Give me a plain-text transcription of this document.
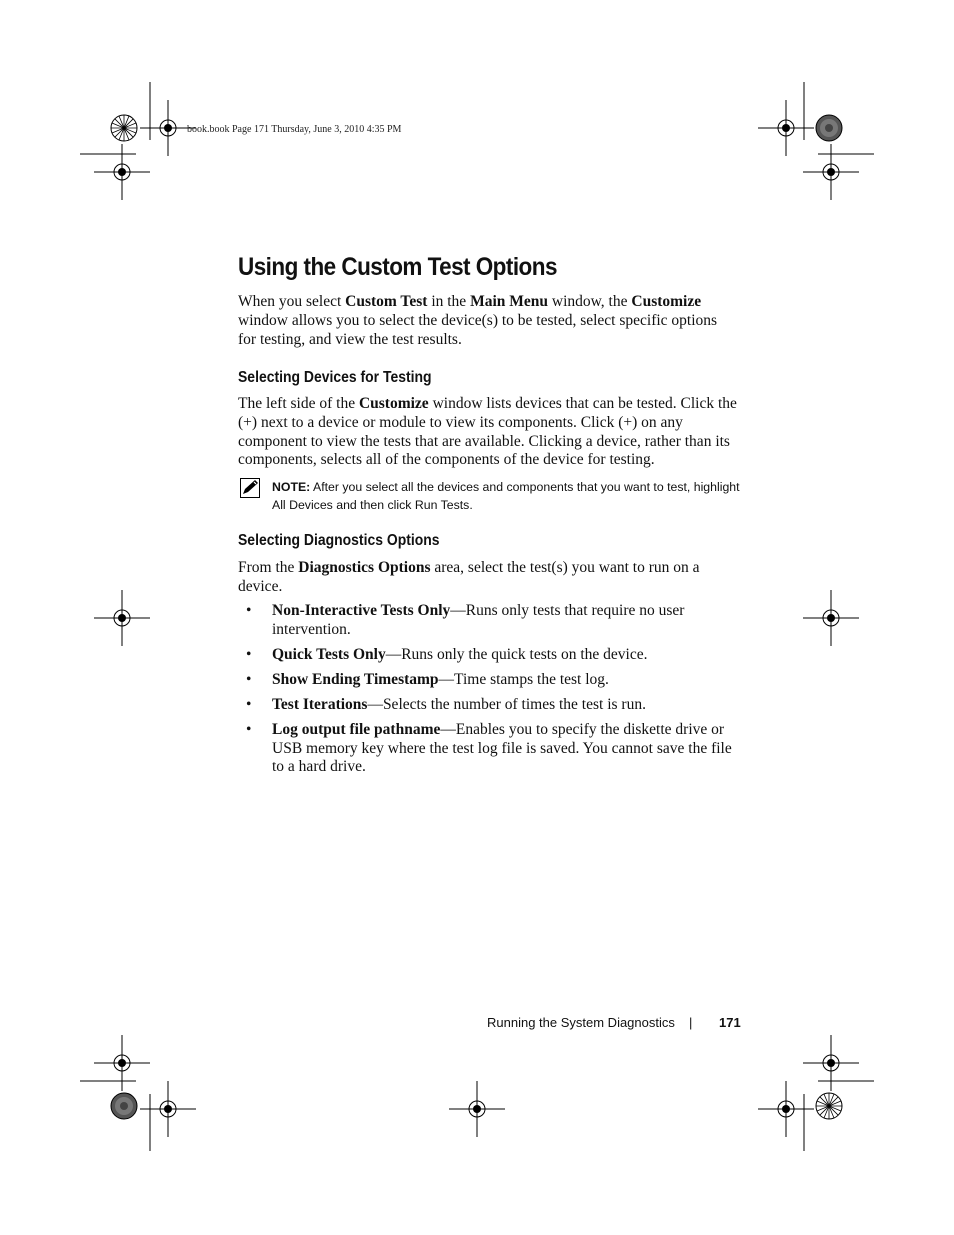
book.book Page 171 Thursday, June 3, 2010 4:35 PM
Using the Custom Test Options

When you select Custom Test in the Main Menu window, the Customize window allows you to select the device(s) to be tested, select specific options for testing, and view the test results.

Selecting Devices for Testing

The left side of the Customize window lists devices that can be tested. Click the (+) next to a device or module to view its components. Click (+) on any component to view the tests that are available. Clicking a device, rather than its components, selects all of the components of the device for testing.

NOTE: After you select all the devices and components that you want to test, highlight All Devices and then click Run Tests.
Selecting Diagnostics Options

From the Diagnostics Options area, select the test(s) you want to run on a device.

• Non-Interactive Tests Only—Runs only tests that require no user intervention.
• Quick Tests Only—Runs only the quick tests on the device.
• Show Ending Timestamp—Time stamps the test log.
• Test Iterations—Selects the number of times the test is run.
• Log output file pathname—Enables you to specify the diskette drive or USB memory key where the test log file is saved. You cannot save the file to a hard drive.
Running the System Diagnostics | 171
